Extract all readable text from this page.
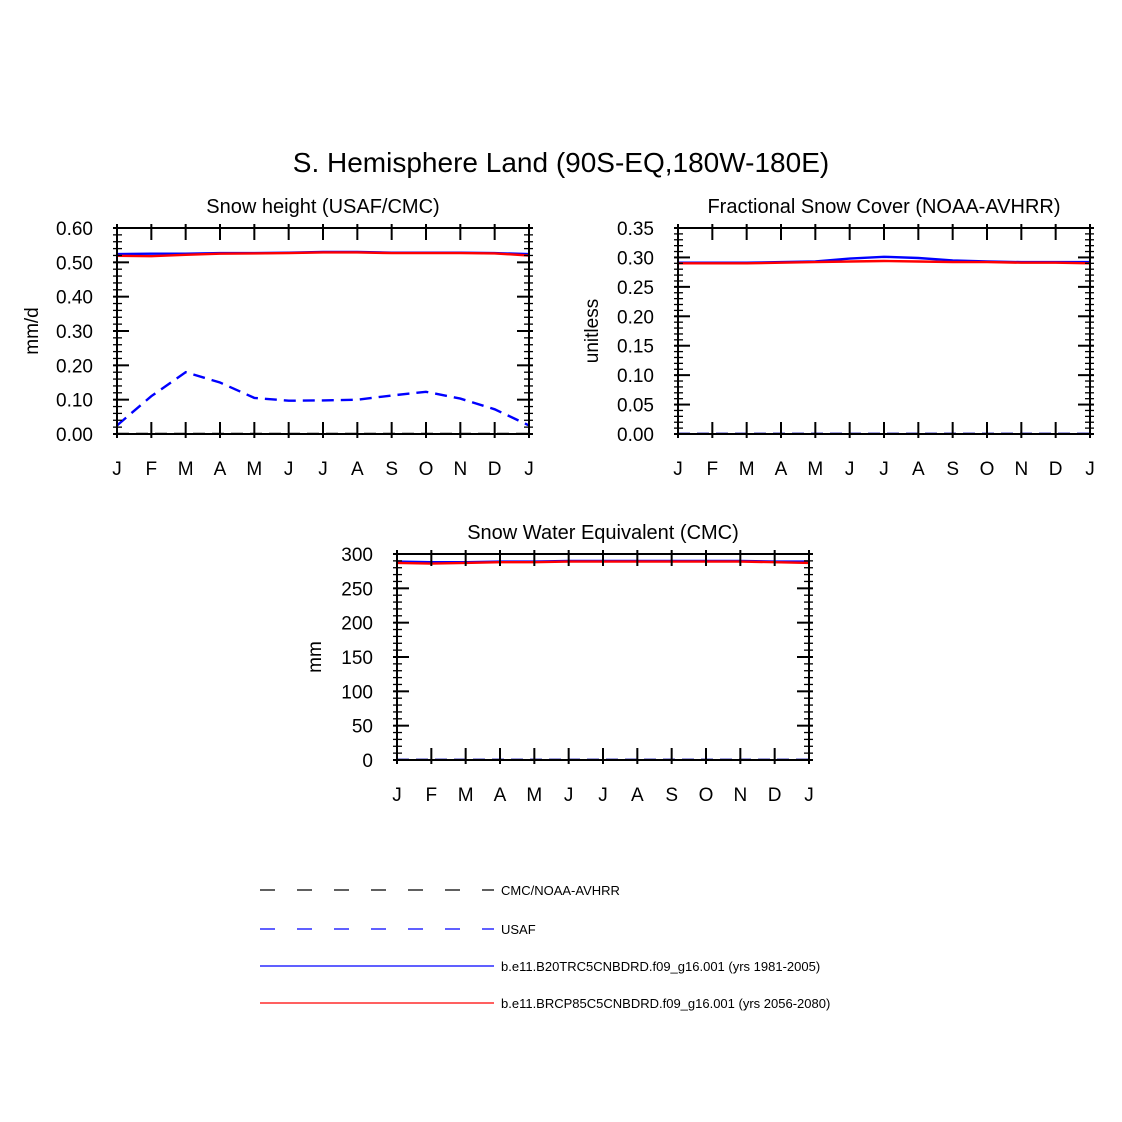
S. Hemisphere Land (90S-EQ,180W-180E)
Snow height (USAF/CMC)
mm/d
J F M A M J J A S O N D J
0.00
0.10
0.20
0.30
0.40
0.50
0.60
Fractional Snow Cover (NOAA-AVHRR)
unitless
J F M A M J J A S O N D J
0.00
0.05
0.10
0.15
0.20
0.25
0.30
0.35
Snow Water Equivalent (CMC)
mm
J F M A M J J A S O N D J
0
50
100
150
200
250
300
CMC/NOAA-AVHRR
USAF
b.e11.B20TRC5CNBDRD.f09_g16.001 (yrs 1981-2005)
b.e11.BRCP85C5CNBDRD.f09_g16.001 (yrs 2056-2080)
